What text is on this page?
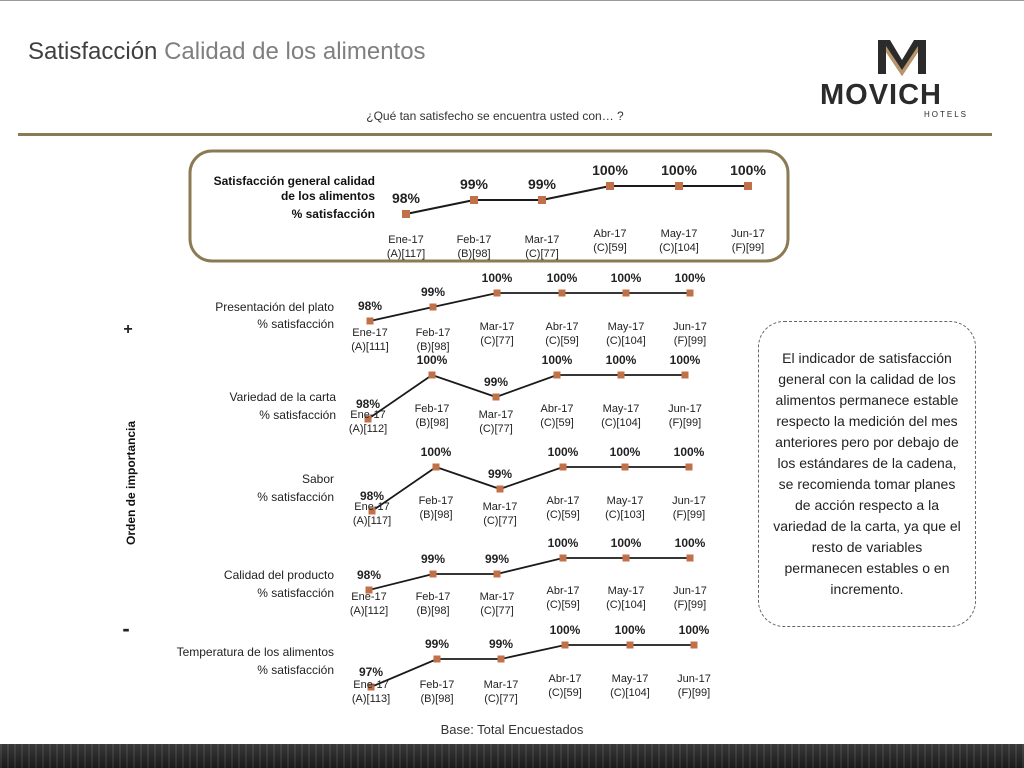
Satisfacción Calidad de los alimentos
MOVICH
HOTELS
¿Qué tan satisfecho se encuentra usted con… ?
Satisfacción general calidad
de los alimentos
% satisfacción
98%
Ene-17
(A)[117]
99%
Feb-17
(B)[98]
99%
Mar-17
(C)[77]
100%
Abr-17
(C)[59]
100%
May-17
(C)[104]
100%
Jun-17
(F)[99]
Presentación del plato
% satisfacción
98%
Ene-17
(A)[111]
99%
Feb-17
(B)[98]
100%
Mar-17
(C)[77]
100%
Abr-17
(C)[59]
100%
May-17
(C)[104]
100%
Jun-17
(F)[99]
Variedad de la carta
% satisfacción
98%
Ene-17
(A)[112]
100%
Feb-17
(B)[98]
99%
Mar-17
(C)[77]
100%
Abr-17
(C)[59]
100%
May-17
(C)[104]
100%
Jun-17
(F)[99]
Sabor
% satisfacción 98%
Ene-17
(A)[117]
100%
Feb-17
(B)[98]
99%
Mar-17
(C)[77]
100%
Abr-17
(C)[59]
100%
May-17
(C)[103]
100%
Jun-17
(F)[99]
Calidad del producto
% satisfacción
98%
Ene-17
(A)[112]
99%
Feb-17
(B)[98]
99%
Mar-17
(C)[77]
100%
Abr-17
(C)[59]
100%
May-17
(C)[104]
100%
Jun-17
(F)[99]
Temperatura de los alimentos
% satisfacción 97%
Ene-17
(A)[113]
99%
Feb-17
(B)[98]
99%
Mar-17
(C)[77]
100%
Abr-17
(C)[59]
100%
May-17
(C)[104]
100%
Jun-17
(F)[99]
Orden de importancia
+
-
El indicador de satisfacción general con la calidad de los alimentos permanece estable respecto la medición del mes anteriores pero por debajo de los estándares de la cadena, se recomienda tomar planes de acción respecto a la variedad de la carta, ya que el resto de variables permanecen estables o en incremento.
Base: Total Encuestados
